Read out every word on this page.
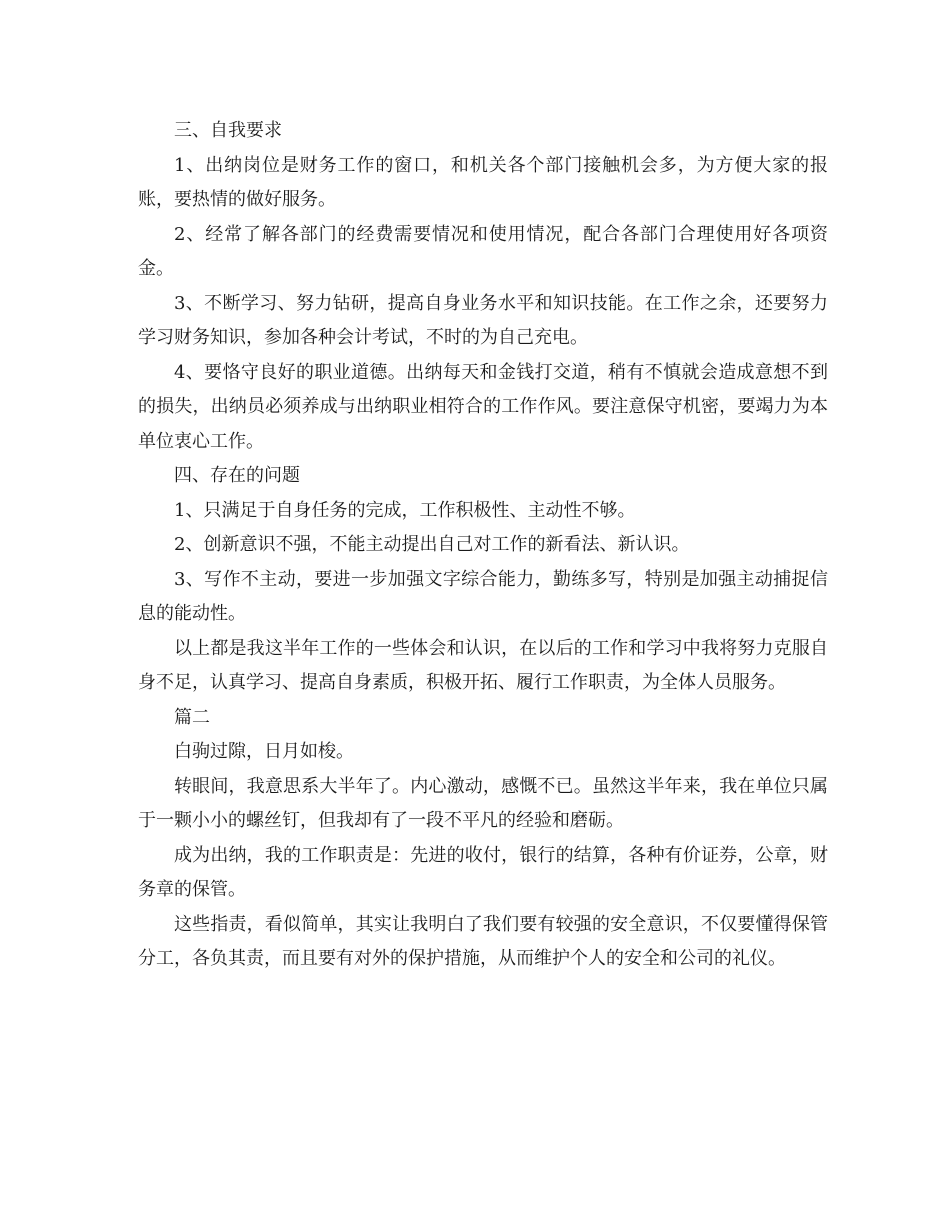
三、自我要求

1、出纳岗位是财务工作的窗口，和机关各个部门接触机会多，为方便大家的报账，要热情的做好服务。

2、经常了解各部门的经费需要情况和使用情况，配合各部门合理使用好各项资金。

3、不断学习、努力钻研，提高自身业务水平和知识技能。在工作之余，还要努力学习财务知识，参加各种会计考试，不时的为自己充电。

4、要恪守良好的职业道德。出纳每天和金钱打交道，稍有不慎就会造成意想不到的损失，出纳员必须养成与出纳职业相符合的工作作风。要注意保守机密，要竭力为本单位衷心工作。

四、存在的问题

1、只满足于自身任务的完成，工作积极性、主动性不够。

2、创新意识不强，不能主动提出自己对工作的新看法、新认识。

3、写作不主动，要进一步加强文字综合能力，勤练多写，特别是加强主动捕捉信息的能动性。

以上都是我这半年工作的一些体会和认识，在以后的工作和学习中我将努力克服自身不足，认真学习、提高自身素质，积极开拓、履行工作职责，为全体人员服务。

篇二

白驹过隙，日月如梭。

转眼间，我意思系大半年了。内心激动，感慨不已。虽然这半年来，我在单位只属于一颗小小的螺丝钉，但我却有了一段不平凡的经验和磨砺。

成为出纳，我的工作职责是：先进的收付，银行的结算，各种有价证券，公章，财务章的保管。

这些指责，看似简单，其实让我明白了我们要有较强的安全意识，不仅要懂得保管分工，各负其责，而且要有对外的保护措施，从而维护个人的安全和公司的礼仪。
